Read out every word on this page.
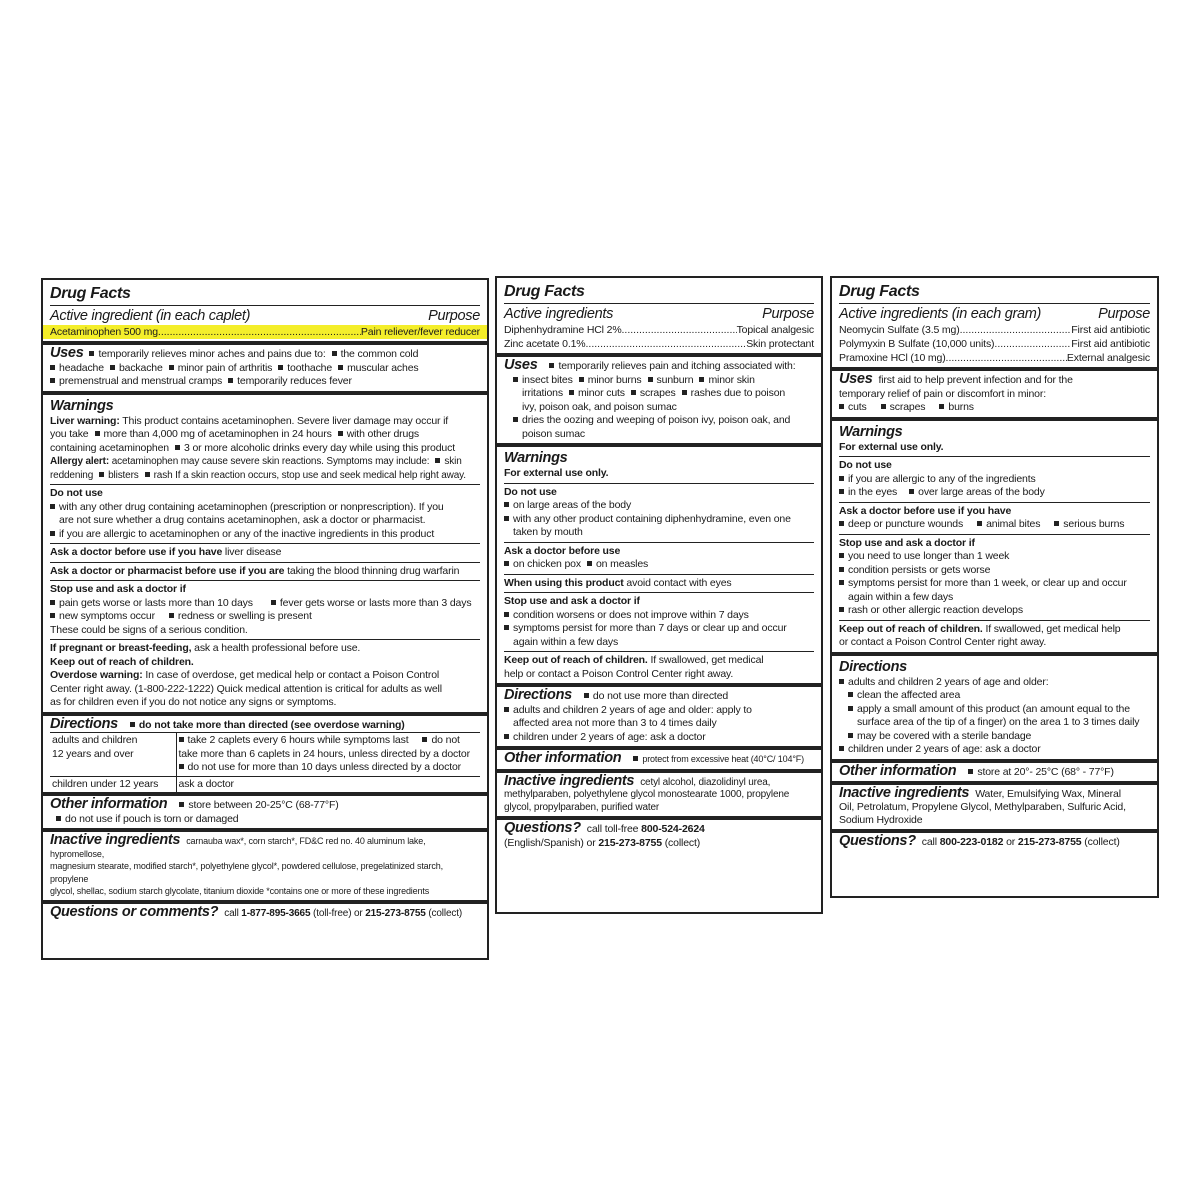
Drug Facts
Active ingredient (in each caplet)	Purpose
Acetaminophen 500 mg .....	Pain reliever/fever reducer
Uses temporarily relieves minor aches and pains due to: the common cold
headache backache minor pain of arthritis toothache muscular aches
premenstrual and menstrual cramps temporarily reduces fever
Warnings
Liver warning: This product contains acetaminophen. Severe liver damage may occur if
you take more than 4,000 mg of acetaminophen in 24 hours with other drugs
containing acetaminophen 3 or more alcoholic drinks every day while using this product
Allergy alert: acetaminophen may cause severe skin reactions. Symptoms may include: skin
reddening blisters rash If a skin reaction occurs, stop use and seek medical help right away.
Do not use
with any other drug containing acetaminophen (prescription or nonprescription). If you
are not sure whether a drug contains acetaminophen, ask a doctor or pharmacist.
if you are allergic to acetaminophen or any of the inactive ingredients in this product
Ask a doctor before use if you have liver disease
Ask a doctor or pharmacist before use if you are taking the blood thinning drug warfarin
Stop use and ask a doctor if
pain gets worse or lasts more than 10 days	fever gets worse or lasts more than 3 days
new symptoms occur redness or swelling is present
These could be signs of a serious condition.
If pregnant or breast-feeding, ask a health professional before use.
Keep out of reach of children.
Overdose warning: In case of overdose, get medical help or contact a Poison Control
Center right away. (1-800-222-1222) Quick medical attention is critical for adults as well
as for children even if you do not notice any signs or symptoms.
Directions do not take more than directed (see overdose warning)
adults and children
12 years and over	take 2 caplets every 6 hours while symptoms last do not
take more than 6 caplets in 24 hours, unless directed by a doctor
do not use for more than 10 days unless directed by a doctor
children under 12 years	ask a doctor
Other information store between 20-25°C (68-77°F)
do not use if pouch is torn or damaged
Inactive ingredients carnauba wax*, corn starch*, FD&C red no. 40 aluminum lake, hypromellose,
magnesium stearate, modified starch*, polyethylene glycol*, powdered cellulose, pregelatinized starch, propylene
glycol, shellac, sodium starch glycolate, titanium dioxide *contains one or more of these ingredients
Questions or comments? call 1-877-895-3665 (toll-free) or 215-273-8755 (collect)
Drug Facts
Active ingredients	Purpose
Diphenhydramine HCl 2% .....	Topical analgesic
Zinc acetate 0.1% .....	Skin protectant
Uses temporarily relieves pain and itching associated with:
insect bites minor burns sunburn minor skin
irritations minor cuts scrapes rashes due to poison
ivy, poison oak, and poison sumac
dries the oozing and weeping of poison ivy, poison oak, and
poison sumac
Warnings
For external use only.
Do not use
on large areas of the body
with any other product containing diphenhydramine, even one
taken by mouth
Ask a doctor before use
on chicken pox on measles
When using this product avoid contact with eyes
Stop use and ask a doctor if
condition worsens or does not improve within 7 days
symptoms persist for more than 7 days or clear up and occur
again within a few days
Keep out of reach of children. If swallowed, get medical
help or contact a Poison Control Center right away.
Directions do not use more than directed
adults and children 2 years of age and older: apply to
affected area not more than 3 to 4 times daily
children under 2 years of age: ask a doctor
Other information protect from excessive heat (40°C/ 104°F)
Inactive ingredients cetyl alcohol, diazolidinyl urea,
methylparaben, polyethylene glycol monostearate 1000, propylene
glycol, propylparaben, purified water
Questions? call toll-free 800-524-2624
(English/Spanish) or 215-273-8755 (collect)
Drug Facts
Active ingredients (in each gram)	Purpose
Neomycin Sulfate (3.5 mg) .....	First aid antibiotic
Polymyxin B Sulfate (10,000 units) .....	First aid antibiotic
Pramoxine HCl (10 mg) .....	External analgesic
Uses first aid to help prevent infection and for the
temporary relief of pain or discomfort in minor:
cuts scrapes burns
Warnings
For external use only.
Do not use
if you are allergic to any of the ingredients
in the eyes over large areas of the body
Ask a doctor before use if you have
deep or puncture wounds animal bites serious burns
Stop use and ask a doctor if
you need to use longer than 1 week
condition persists or gets worse
symptoms persist for more than 1 week, or clear up and occur
again within a few days
rash or other allergic reaction develops
Keep out of reach of children. If swallowed, get medical help
or contact a Poison Control Center right away.
Directions
adults and children 2 years of age and older:
clean the affected area
apply a small amount of this product (an amount equal to the
surface area of the tip of a finger) on the area 1 to 3 times daily
may be covered with a sterile bandage
children under 2 years of age: ask a doctor
Other information store at 20°- 25°C (68° - 77°F)
Inactive ingredients Water, Emulsifying Wax, Mineral
Oil, Petrolatum, Propylene Glycol, Methylparaben, Sulfuric Acid,
Sodium Hydroxide
Questions? call 800-223-0182 or 215-273-8755 (collect)
